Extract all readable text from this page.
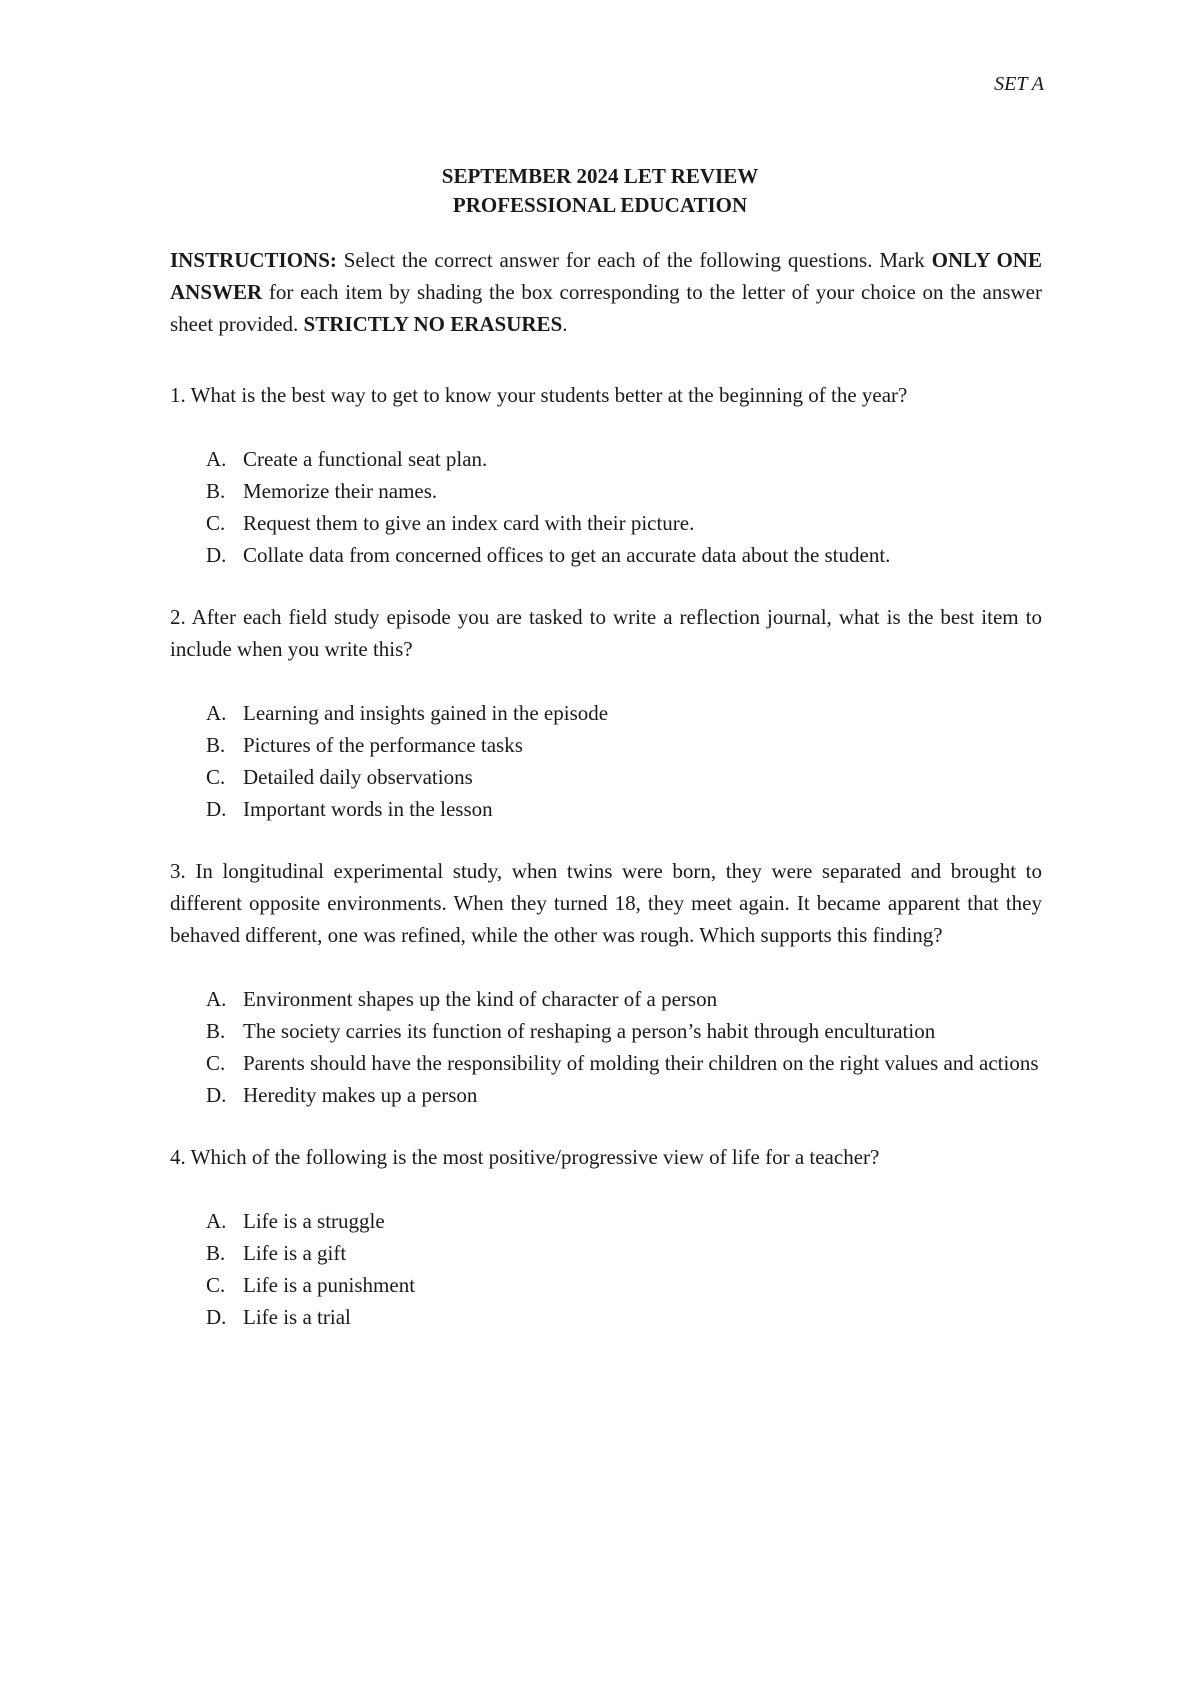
SET A
SEPTEMBER 2024 LET REVIEW
PROFESSIONAL EDUCATION

INSTRUCTIONS: Select the correct answer for each of the following questions. Mark ONLY ONE ANSWER for each item by shading the box corresponding to the letter of your choice on the answer sheet provided. STRICTLY NO ERASURES.

1. What is the best way to get to know your students better at the beginning of the year?

A. Create a functional seat plan.
B. Memorize their names.
C. Request them to give an index card with their picture.
D. Collate data from concerned offices to get an accurate data about the student.

2. After each field study episode you are tasked to write a reflection journal, what is the best item to include when you write this?

A. Learning and insights gained in the episode
B. Pictures of the performance tasks
C. Detailed daily observations
D. Important words in the lesson

3. In longitudinal experimental study, when twins were born, they were separated and brought to different opposite environments. When they turned 18, they meet again. It became apparent that they behaved different, one was refined, while the other was rough. Which supports this finding?

A. Environment shapes up the kind of character of a person
B. The society carries its function of reshaping a person’s habit through enculturation
C. Parents should have the responsibility of molding their children on the right values and actions
D. Heredity makes up a person

4. Which of the following is the most positive/progressive view of life for a teacher?

A. Life is a struggle
B. Life is a gift
C. Life is a punishment
D. Life is a trial
